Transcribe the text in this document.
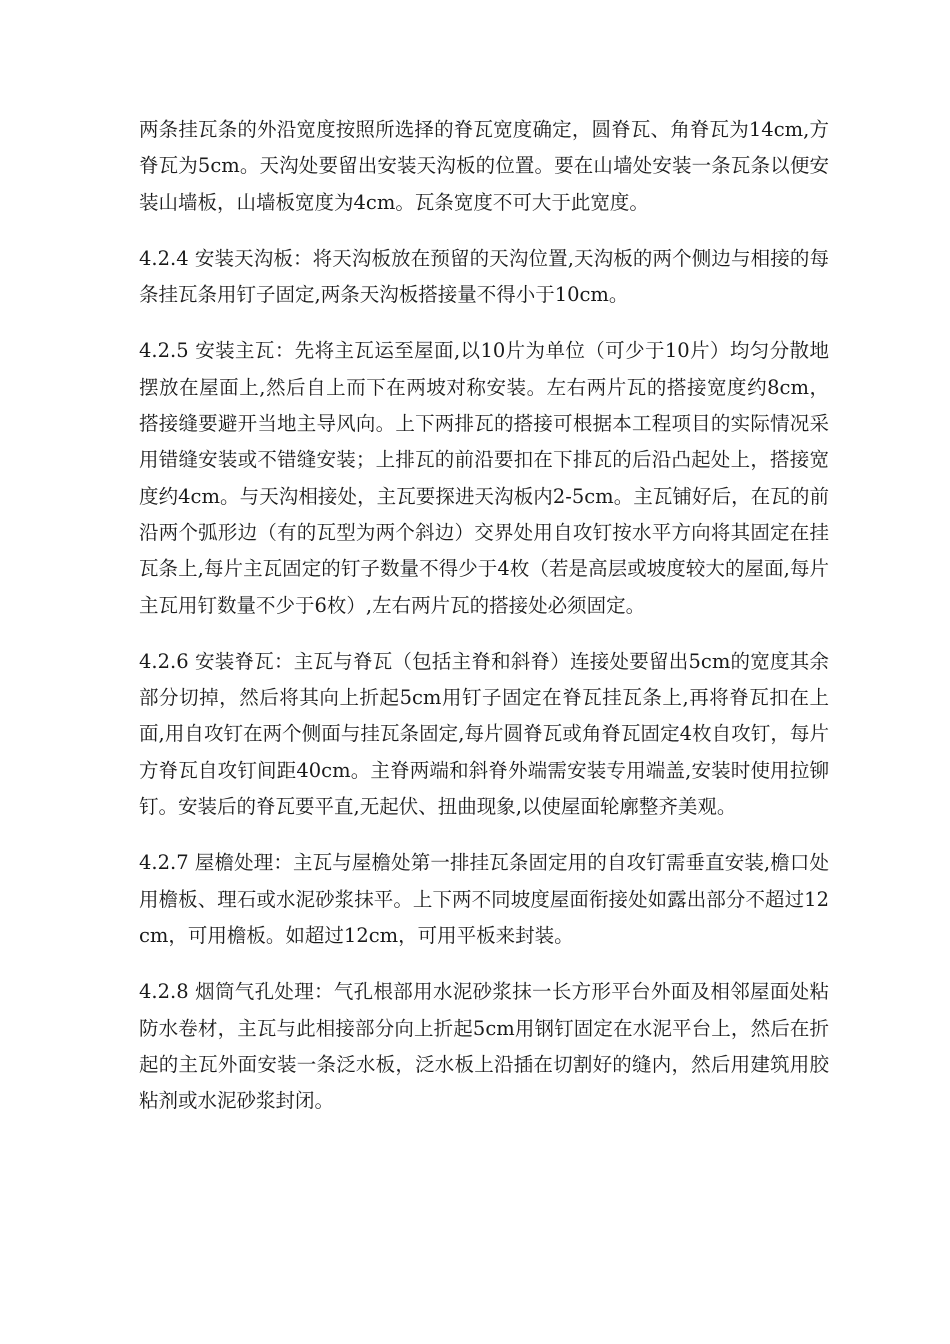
两条挂瓦条的外沿宽度按照所选择的脊瓦宽度确定，圆脊瓦、角脊瓦为14cm,方脊瓦为5cm。天沟处要留出安装天沟板的位置。要在山墙处安装一条瓦条以便安装山墙板，山墙板宽度为4cm。瓦条宽度不可大于此宽度。

4.2.4 安装天沟板：将天沟板放在预留的天沟位置,天沟板的两个侧边与相接的每条挂瓦条用钉子固定,两条天沟板搭接量不得小于10cm。

4.2.5 安装主瓦：先将主瓦运至屋面,以10片为单位（可少于10片）均匀分散地摆放在屋面上,然后自上而下在两坡对称安装。左右两片瓦的搭接宽度约8cm，搭接缝要避开当地主导风向。上下两排瓦的搭接可根据本工程项目的实际情况采用错缝安装或不错缝安装；上排瓦的前沿要扣在下排瓦的后沿凸起处上，搭接宽度约4cm。与天沟相接处，主瓦要探进天沟板内2-5cm。主瓦铺好后，在瓦的前沿两个弧形边（有的瓦型为两个斜边）交界处用自攻钉按水平方向将其固定在挂瓦条上,每片主瓦固定的钉子数量不得少于4枚（若是高层或坡度较大的屋面,每片主瓦用钉数量不少于6枚）,左右两片瓦的搭接处必须固定。

4.2.6 安装脊瓦：主瓦与脊瓦（包括主脊和斜脊）连接处要留出5cm的宽度其余部分切掉，然后将其向上折起5cm用钉子固定在脊瓦挂瓦条上,再将脊瓦扣在上面,用自攻钉在两个侧面与挂瓦条固定,每片圆脊瓦或角脊瓦固定4枚自攻钉，每片方脊瓦自攻钉间距40cm。主脊两端和斜脊外端需安装专用端盖,安装时使用拉铆钉。安装后的脊瓦要平直,无起伏、扭曲现象,以使屋面轮廓整齐美观。

4.2.7 屋檐处理：主瓦与屋檐处第一排挂瓦条固定用的自攻钉需垂直安装,檐口处用檐板、理石或水泥砂浆抹平。上下两不同坡度屋面衔接处如露出部分不超过12cm，可用檐板。如超过12cm，可用平板来封装。

4.2.8 烟筒气孔处理：气孔根部用水泥砂浆抹一长方形平台外面及相邻屋面处粘防水卷材，主瓦与此相接部分向上折起5cm用钢钉固定在水泥平台上，然后在折起的主瓦外面安装一条泛水板，泛水板上沿插在切割好的缝内，然后用建筑用胶粘剂或水泥砂浆封闭。
